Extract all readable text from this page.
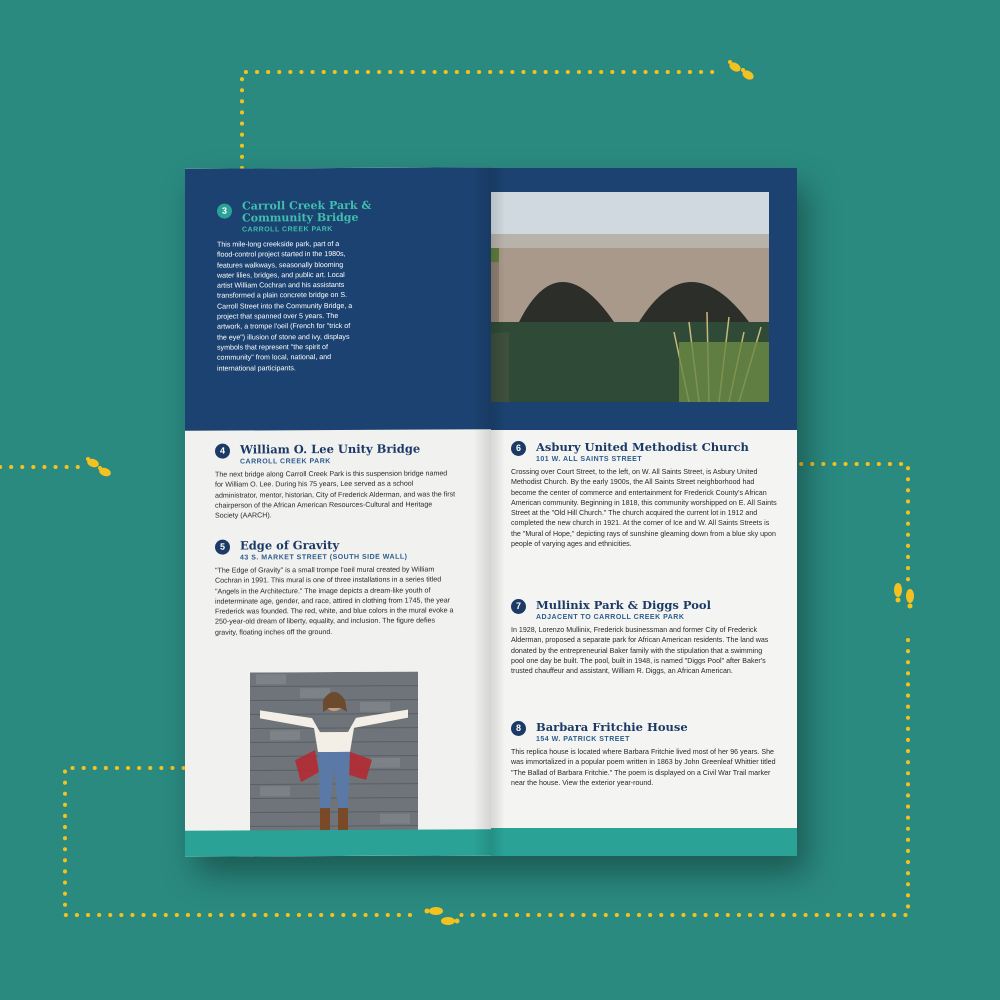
3	Carroll Creek Park &
Community Bridge
CARROLL CREEK PARK
This mile-long creekside park, part of a flood-control project started in the 1980s, features walkways, seasonally blooming water lilies, bridges, and public art. Local artist William Cochran and his assistants transformed a plain concrete bridge on S. Carroll Street into the Community Bridge, a project that spanned over 5 years. The artwork, a trompe l'oeil (French for "trick of the eye") illusion of stone and ivy, displays symbols that represent "the spirit of community" from local, national, and international participants.
4	William O. Lee Unity Bridge
CARROLL CREEK PARK
The next bridge along Carroll Creek Park is this suspension bridge named for William O. Lee. During his 75 years, Lee served as a school administrator, mentor, historian, City of Frederick Alderman, and was the first chairperson of the African American Resources-Cultural and Heritage Society (AARCH).
5	Edge of Gravity
43 S. MARKET STREET (SOUTH SIDE WALL)
"The Edge of Gravity" is a small trompe l'oeil mural created by William Cochran in 1991. This mural is one of three installations in a series titled "Angels in the Architecture." The image depicts a dream-like youth of indeterminate age, gender, and race, attired in clothing from 1745, the year Frederick was founded. The red, white, and blue colors in the mural evoke a 250-year-old dream of liberty, equality, and inclusion. The figure defies gravity, floating inches off the ground.
6	Asbury United Methodist Church
101 W. ALL SAINTS STREET
Crossing over Court Street, to the left, on W. All Saints Street, is Asbury United Methodist Church. By the early 1900s, the All Saints Street neighborhood had become the center of commerce and entertainment for Frederick County's African American community. Beginning in 1818, this community worshipped on E. All Saints Street at the "Old Hill Church." The church acquired the current lot in 1912 and completed the new church in 1921. At the corner of Ice and W. All Saints Streets is the "Mural of Hope," depicting rays of sunshine gleaming down from a blue sky upon people of varying ages and ethnicities.
7	Mullinix Park & Diggs Pool
ADJACENT TO CARROLL CREEK PARK
In 1928, Lorenzo Mullinix, Frederick businessman and former City of Frederick Alderman, proposed a separate park for African American residents. The land was donated by the entrepreneurial Baker family with the stipulation that a swimming pool one day be built. The pool, built in 1948, is named "Diggs Pool" after Baker's trusted chauffeur and assistant, William R. Diggs, an African American.
8	Barbara Fritchie House
154 W. PATRICK STREET
This replica house is located where Barbara Fritchie lived most of her 96 years. She was immortalized in a popular poem written in 1863 by John Greenleaf Whittier titled "The Ballad of Barbara Fritchie." The poem is displayed on a Civil War Trail marker near the house. View the exterior year-round.
